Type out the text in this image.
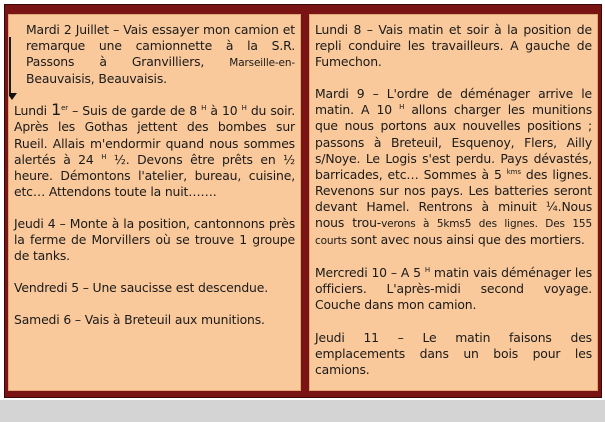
Mardi 2 Juillet – Vais essayer mon camion et remarque une camionnette à la S.R. Passons à Granvilliers, Marseille-en-Beauvaisis, Beauvaisis.

Lundi 1er – Suis de garde de 8 $^H$ à 10 $^H$ du soir. Après les Gothas jettent des bombes sur Rueil. Allais m'endormir quand nous sommes alertés à 24 $^H$ ½. Devons être prêts en ½ heure. Démontons l'atelier, bureau, cuisine, etc… Attendons toute la nuit…….

Jeudi 4 – Monte à la position, cantonnons près la ferme de Morvillers où se trouve 1 groupe de tanks.

Vendredi 5 – Une saucisse est descendue.

Samedi 6 – Vais à Breteuil aux munitions.

Lundi 8 – Vais matin et soir à la position de repli conduire les travailleurs. A gauche de Fumechon.

Mardi 9 – L'ordre de déménager arrive le matin. A 10 $^H$ allons charger les munitions que nous portons aux nouvelles positions ; passons à Breteuil, Esquenoy, Flers, Ailly s/Noye. Le Logis s'est perdu. Pays dévastés, barricades, etc… Sommes à 5 $^{kms}$ des lignes. Revenons sur nos pays. Les batteries seront devant Hamel. Rentrons à minuit ¼.Nous nous trou-verons à 5kms5 des lignes. Des 155 courts sont avec nous ainsi que des mortiers.

Mercredi 10 – A 5 $^H$ matin vais déménager les officiers. L'après-midi second voyage. Couche dans mon camion.

Jeudi 11 – Le matin faisons des emplacements dans un bois pour les camions.
